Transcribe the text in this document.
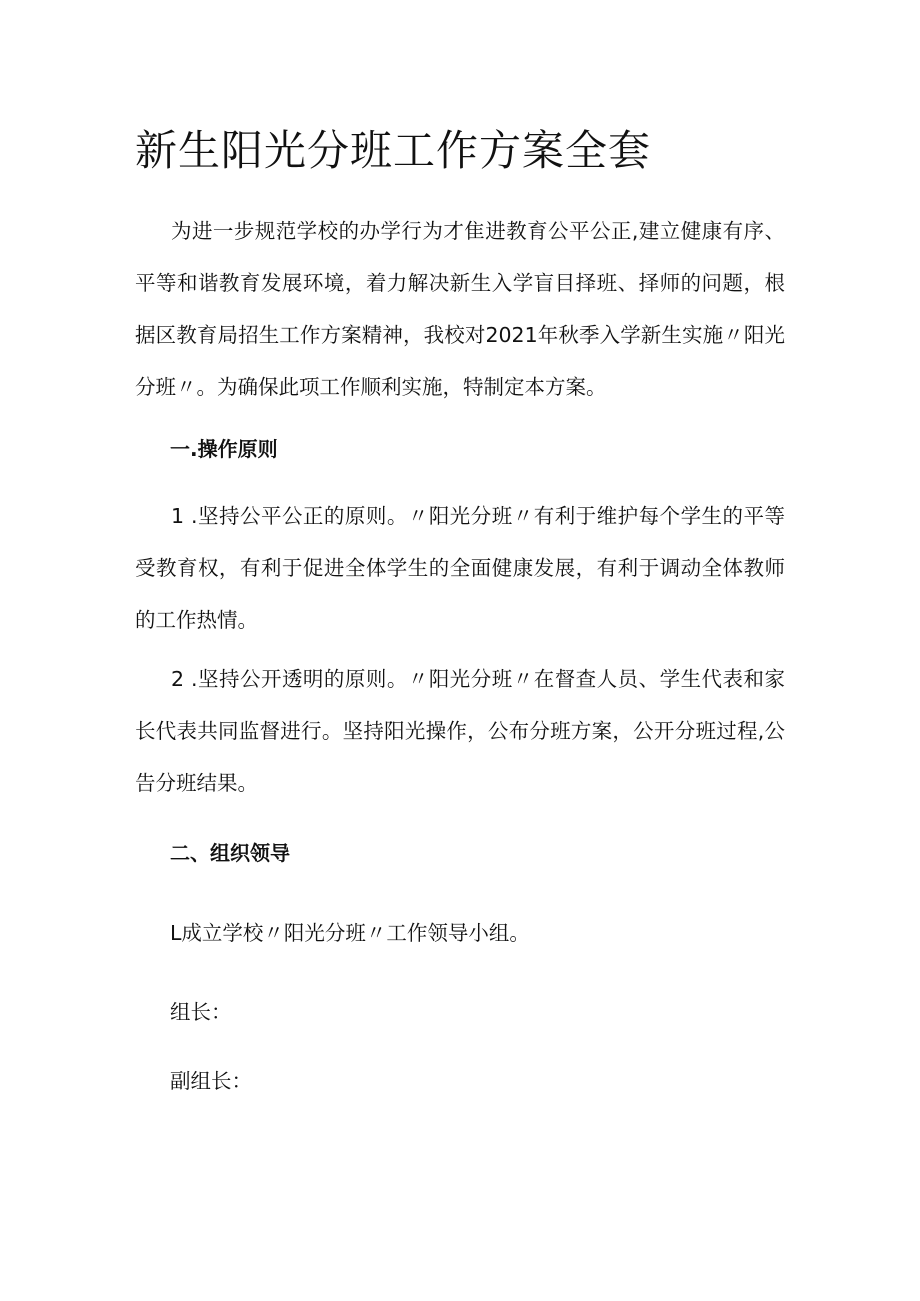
新生阳光分班工作方案全套

为进一步规范学校的办学行为才隹进教育公平公正,建立健康有序、平等和谐教育发展环境，着力解决新生入学盲目择班、择师的问题，根据区教育局招生工作方案精神，我校对2021年秋季入学新生实施〃阳光分班〃。为确保此项工作顺利实施，特制定本方案。

一.操作原则

1 .坚持公平公正的原则。〃阳光分班〃有利于维护每个学生的平等受教育权，有利于促进全体学生的全面健康发展，有利于调动全体教师的工作热情。

2 .坚持公开透明的原则。〃阳光分班〃在督查人员、学生代表和家长代表共同监督进行。坚持阳光操作，公布分班方案，公开分班过程,公告分班结果。

二、组织领导

L成立学校〃阳光分班〃工作领导小组。

组长：

副组长：
